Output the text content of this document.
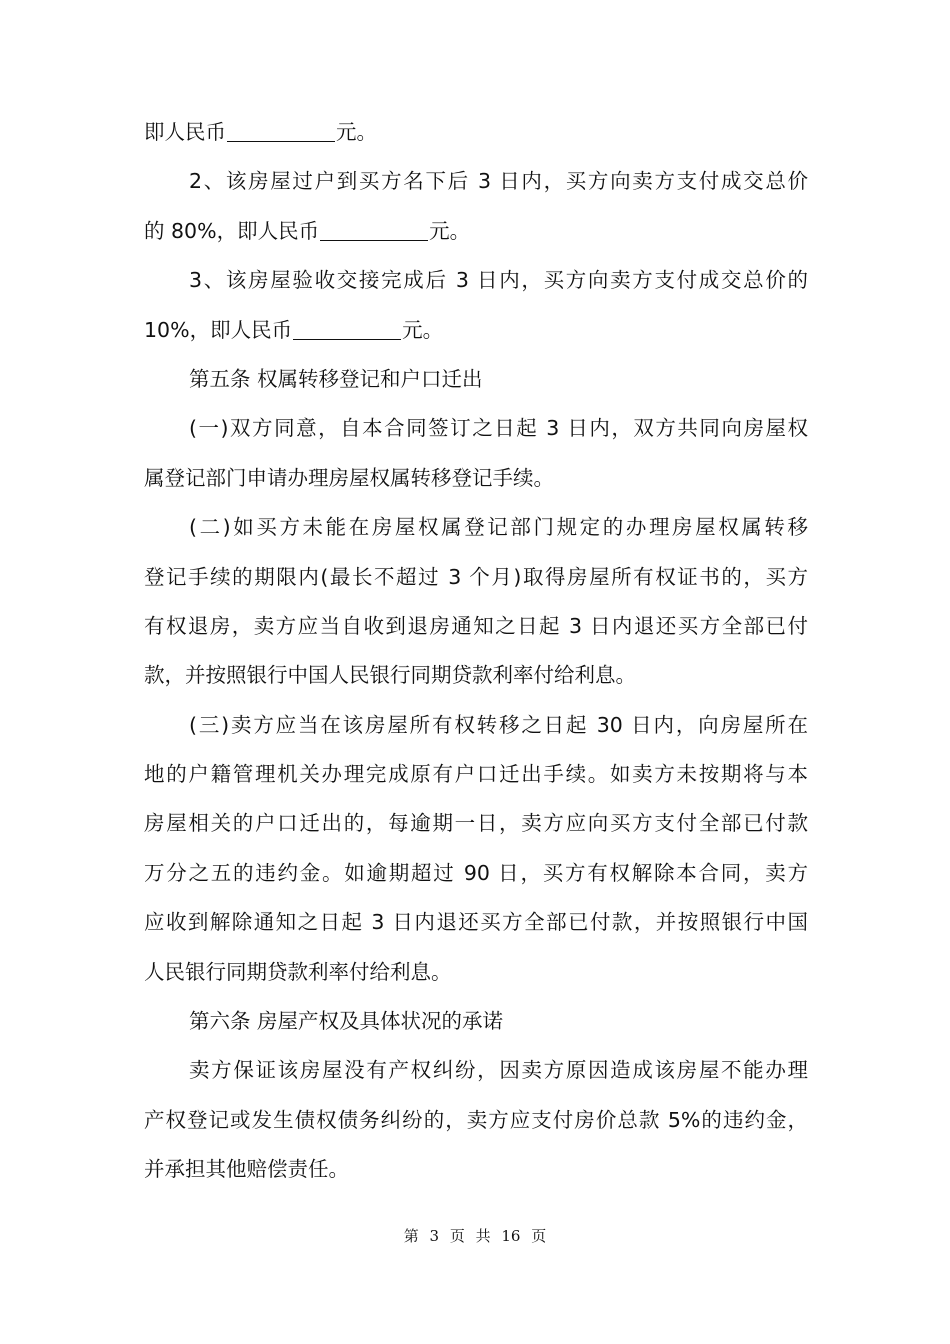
即人民币	元。
2、该房屋过户到买方名下后 3 日内，买方向卖方支付成交总价
的 80%，即人民币	元。
3、该房屋验收交接完成后 3 日内，买方向卖方支付成交总价的
10%，即人民币	元。
第五条 权属转移登记和户口迁出
(一)双方同意，自本合同签订之日起 3 日内，双方共同向房屋权
属登记部门申请办理房屋权属转移登记手续。
(二)如买方未能在房屋权属登记部门规定的办理房屋权属转移
登记手续的期限内(最长不超过 3 个月)取得房屋所有权证书的，买方
有权退房，卖方应当自收到退房通知之日起 3 日内退还买方全部已付
款，并按照银行中国人民银行同期贷款利率付给利息。
(三)卖方应当在该房屋所有权转移之日起 30 日内，向房屋所在
地的户籍管理机关办理完成原有户口迁出手续。如卖方未按期将与本
房屋相关的户口迁出的，每逾期一日，卖方应向买方支付全部已付款
万分之五的违约金。如逾期超过 90 日，买方有权解除本合同，卖方
应收到解除通知之日起 3 日内退还买方全部已付款，并按照银行中国
人民银行同期贷款利率付给利息。
第六条 房屋产权及具体状况的承诺
卖方保证该房屋没有产权纠纷，因卖方原因造成该房屋不能办理
产权登记或发生债权债务纠纷的，卖方应支付房价总款 5%的违约金，
并承担其他赔偿责任。
第 3 页 共 16 页
